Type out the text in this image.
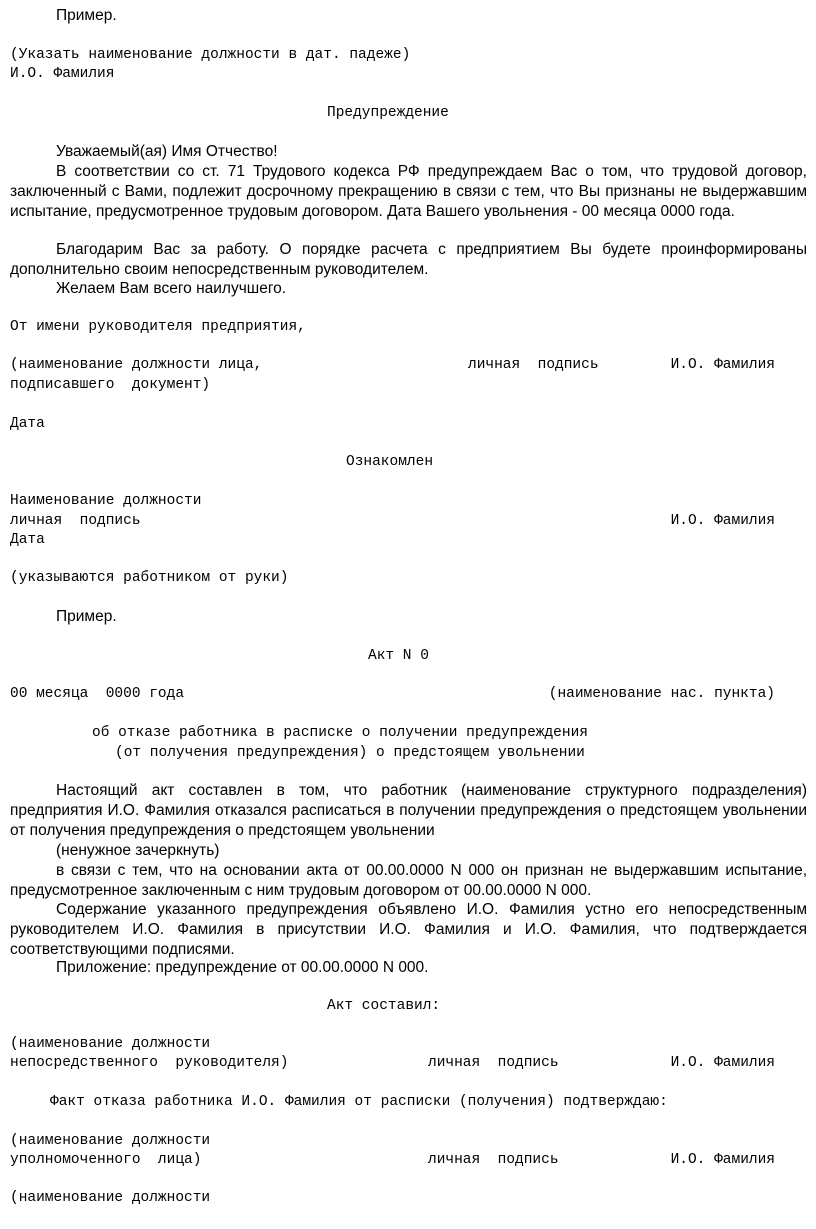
Пример.
(Указать наименование должности в дат. падеже)
И.О. Фамилия
Предупреждение
Уважаемый(ая) Имя Отчество!
В соответствии со ст. 71 Трудового кодекса РФ предупреждаем Вас о том, что трудовой договор, заключенный с Вами, подлежит досрочному прекращению в связи с тем, что Вы признаны не выдержавшим испытание, предусмотренное трудовым договором. Дата Вашего увольнения - 00 месяца 0000 года.
Благодарим Вас за работу. О порядке расчета с предприятием Вы будете проинформированы дополнительно своим непосредственным руководителем.
Желаем Вам всего наилучшего.
От имени руководителя предприятия,
(наименование должности лица,	личная  подпись	И.О. Фамилия
подписавшего  документ)
Дата
Ознакомлен
Наименование должности
личная  подпись	И.О. Фамилия
Дата
(указываются работником от руки)
Пример.
Акт N 0
00 месяца  0000 года	(наименование нас. пункта)
об отказе работника в расписке о получении предупреждения
(от получения предупреждения) о предстоящем увольнении
Настоящий акт составлен в том, что работник (наименование структурного подразделения) предприятия И.О. Фамилия отказался расписаться в получении предупреждения о предстоящем увольнении от получения предупреждения о предстоящем увольнении
(ненужное зачеркнуть)
в связи с тем, что на основании акта от 00.00.0000 N 000 он признан не выдержавшим испытание, предусмотренное заключенным с ним трудовым договором от 00.00.0000 N 000.
Содержание указанного предупреждения объявлено И.О. Фамилия устно его непосредственным руководителем И.О. Фамилия в присутствии И.О. Фамилия и И.О. Фамилия, что подтверждается соответствующими подписями.
Приложение: предупреждение от 00.00.0000 N 000.
Акт составил:
(наименование должности
непосредственного  руководителя)	личная  подпись	И.О. Фамилия
Факт отказа работника И.О. Фамилия от расписки (получения) подтверждаю:
(наименование должности
уполномоченного  лица)	личная  подпись	И.О. Фамилия
(наименование должности
